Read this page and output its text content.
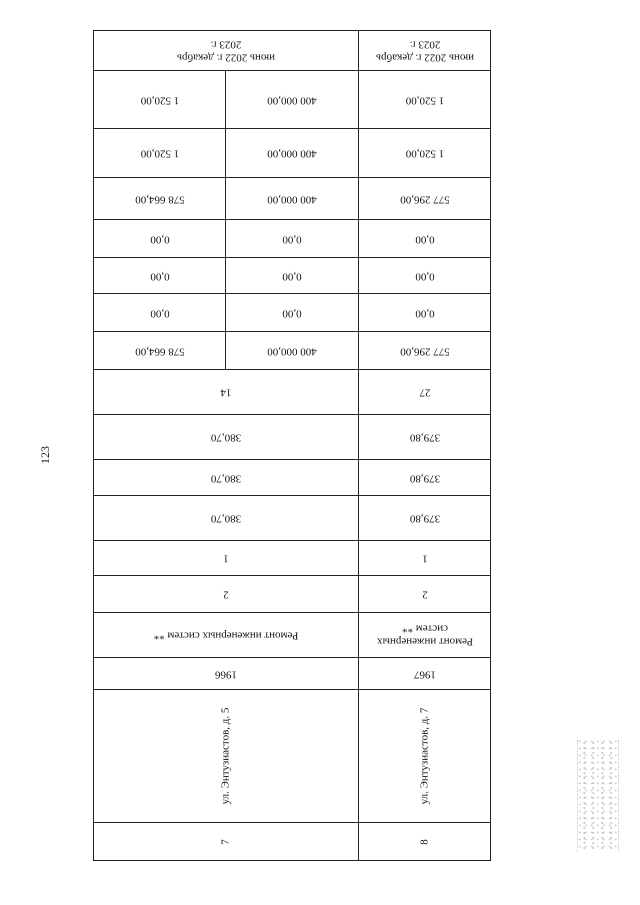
123
июнь 2022 г. декабрь 2023 г.		июнь 2022 г. декабрь 2023 г.

1 520,00	400 000,00	1 520,00

1 520,00	400 000,00	1 520,00

578 664,00	400 000,00	577 296,00

0,00	0,00	0,00

0,00	0,00	0,00

0,00	0,00	0,00

578 664,00	400 000,00	577 296,00

14		27

380,70		379,80

380,70		379,80

380,70		379,80

1		1

2		2

Ремонт инженерных систем **		Ремонт инженерных систем **

1966		1967

ул. Энтузиастов, д. 5		ул. Энтузиастов, д. 7

7		8
